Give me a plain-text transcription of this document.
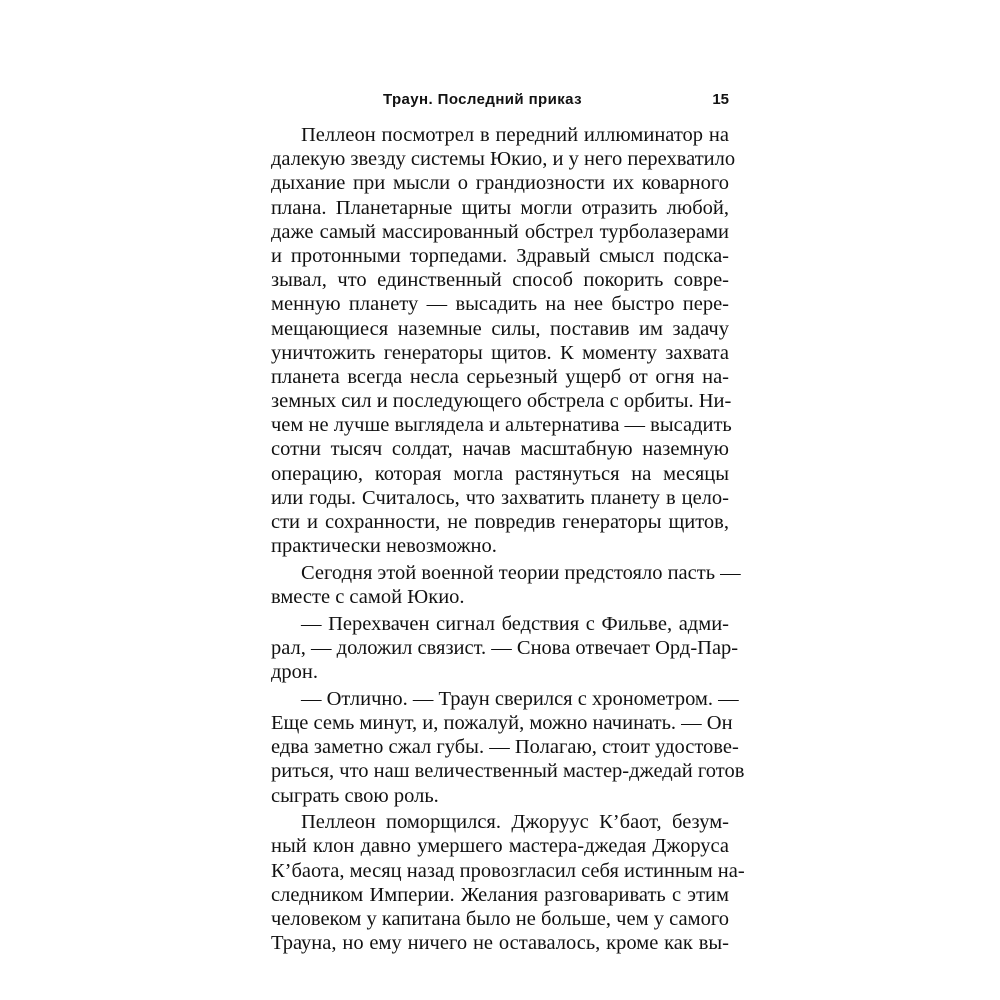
Траун. Последний приказ	15
Пеллеон посмотрел в передний иллюминатор на
далекую звезду системы Юкио, и у него перехватило
дыхание при мысли о грандиозности их коварного
плана. Планетарные щиты могли отразить любой,
даже самый массированный обстрел турболазерами
и протонными торпедами. Здравый смысл подска-
зывал, что единственный способ покорить совре-
менную планету — высадить на нее быстро пере-
мещающиеся наземные силы, поставив им задачу
уничтожить генераторы щитов. К моменту захвата
планета всегда несла серьезный ущерб от огня на-
земных сил и последующего обстрела с орбиты. Ни-
чем не лучше выглядела и альтернатива — высадить
сотни тысяч солдат, начав масштабную наземную
операцию, которая могла растянуться на месяцы
или годы. Считалось, что захватить планету в цело-
сти и сохранности, не повредив генераторы щитов,
практически невозможно.
Сегодня этой военной теории предстояло пасть —
вместе с самой Юкио.
— Перехвачен сигнал бедствия с Фильве, адми-
рал, — доложил связист. — Снова отвечает Орд-Пар-
дрон.
— Отлично. — Траун сверился с хронометром. —
Еще семь минут, и, пожалуй, можно начинать. — Он
едва заметно сжал губы. — Полагаю, стоит удостове-
риться, что наш величественный мастер-джедай готов
сыграть свою роль.
Пеллеон поморщился. Джоруус К’баот, безум-
ный клон давно умершего мастера-джедая Джоруса
К’баота, месяц назад провозгласил себя истинным на-
следником Империи. Желания разговаривать с этим
человеком у капитана было не больше, чем у самого
Трауна, но ему ничего не оставалось, кроме как вы-
